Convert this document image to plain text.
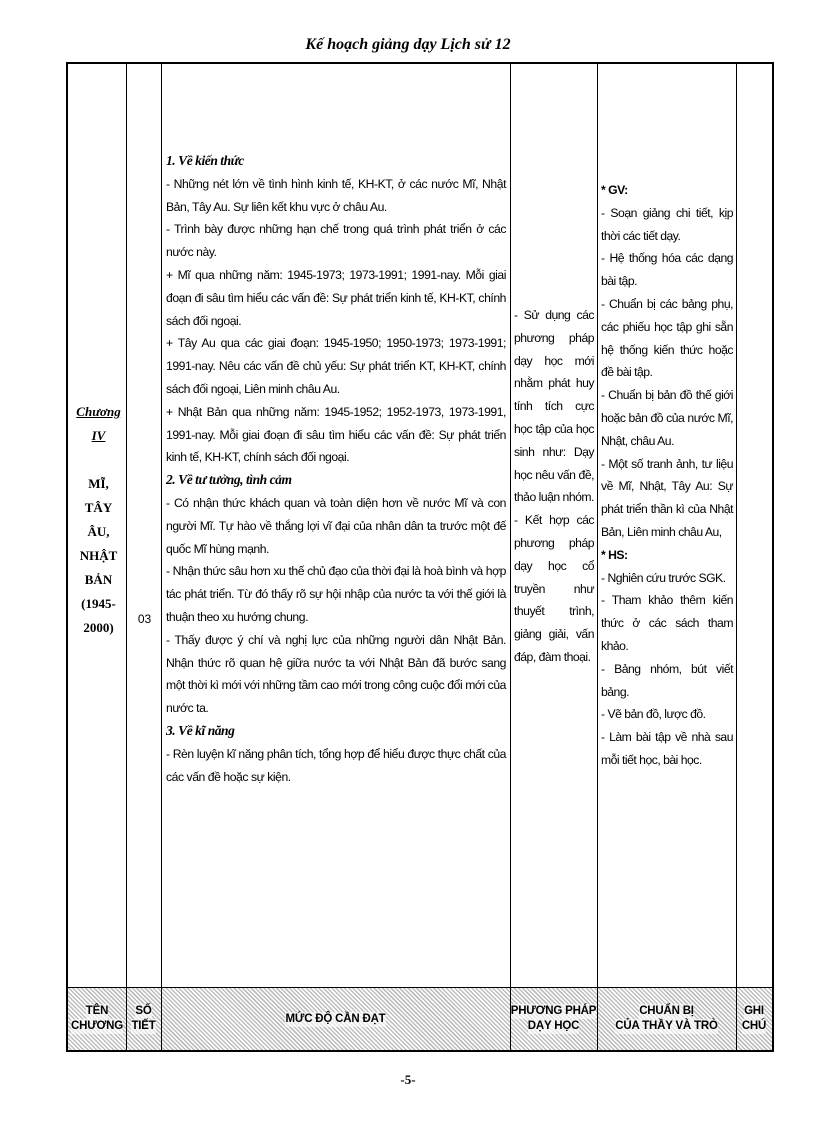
Kế hoạch giảng dạy Lịch sử 12
Chương
IV
MĨ,
TÂY
ÂU,
NHẬT
BẢN
(1945-
2000)
03

1. Về kiến thức

- Những nét lớn về tình hình kinh tế, KH-KT, ở các nước Mĩ, Nhật Bản, Tây Au. Sự liên kết khu vực ở châu Au.

- Trình bày được những hạn chế trong quá trình phát triển ở các nước này.

+ Mĩ qua những năm: 1945-1973; 1973-1991; 1991-nay. Mỗi giai đoạn đi sâu tìm hiểu các vấn đề: Sự phát triển kinh tế, KH-KT, chính sách đối ngoại.

+ Tây Au qua các giai đoạn: 1945-1950; 1950-1973; 1973-1991; 1991-nay. Nêu các vấn đề chủ yếu: Sự phát triển KT, KH-KT, chính sách đối ngoại, Liên minh châu Au.

+ Nhật Bản qua những năm: 1945-1952; 1952-1973, 1973-1991, 1991-nay. Mỗi giai đoạn đi sâu tìm hiểu các vấn đề: Sự phát triển kinh tế, KH-KT, chính sách đối ngoại.

2. Về tư tưởng, tình cảm

- Có nhận thức khách quan và toàn diện hơn về nước Mĩ và con người Mĩ. Tự hào về thắng lợi vĩ đại của nhân dân ta trước một đế quốc Mĩ hùng mạnh.

- Nhận thức sâu hơn xu thế chủ đạo của thời đại là hoà bình và hợp tác phát triển. Từ đó thấy rõ sự hội nhập của nước ta với thế giới là thuận theo xu hướng chung.

- Thấy được ý chí và nghị lực của những người dân Nhật Bản. Nhận thức rõ quan hệ giữa nước ta với Nhật Bản đã bước sang một thời kì mới với những tầm cao mới trong công cuộc đổi mới của nước ta.

3. Về kĩ năng

- Rèn luyện kĩ năng phân tích, tổng hợp để hiểu được thực chất của các vấn đề hoặc sự kiện.

- Sử dụng các phương pháp dạy học mới nhằm phát huy tính tích cực học tập của học sinh như: Dạy học nêu vấn đề, thảo luận nhóm.
- Kết hợp các phương pháp dạy học cổ truyền như thuyết trình, giảng giải, vấn đáp, đàm thoại.
* GV:
- Soạn giảng chi tiết, kịp thời các tiết dạy.
- Hệ thống hóa các dạng bài tập.
- Chuẩn bị các bảng phụ, các phiếu học tập ghi sẵn hệ thống kiến thức hoặc đề bài tập.
- Chuẩn bị bản đồ thế giới hoặc bản đồ của nước Mĩ, Nhật, châu Au.
- Một số tranh ảnh, tư liệu về Mĩ, Nhật, Tây Au: Sự phát triển thần kì của Nhật Bản, Liên minh châu Au,
* HS:
- Nghiên cứu trước SGK.
- Tham khảo thêm kiến thức ở các sách tham khảo.
- Bảng nhóm, bút viết bảng.
- Vẽ bản đồ, lược đồ.
- Làm bài tập về nhà sau mỗi tiết học, bài học.
TÊN
CHƯƠNG
SỐ
TIẾT
MỨC ĐỘ CẦN ĐẠT
PHƯƠNG PHÁP
DẠY HỌC
CHUẨN BỊ
CỦA THẦY VÀ TRÒ
GHI
CHÚ
-5-
